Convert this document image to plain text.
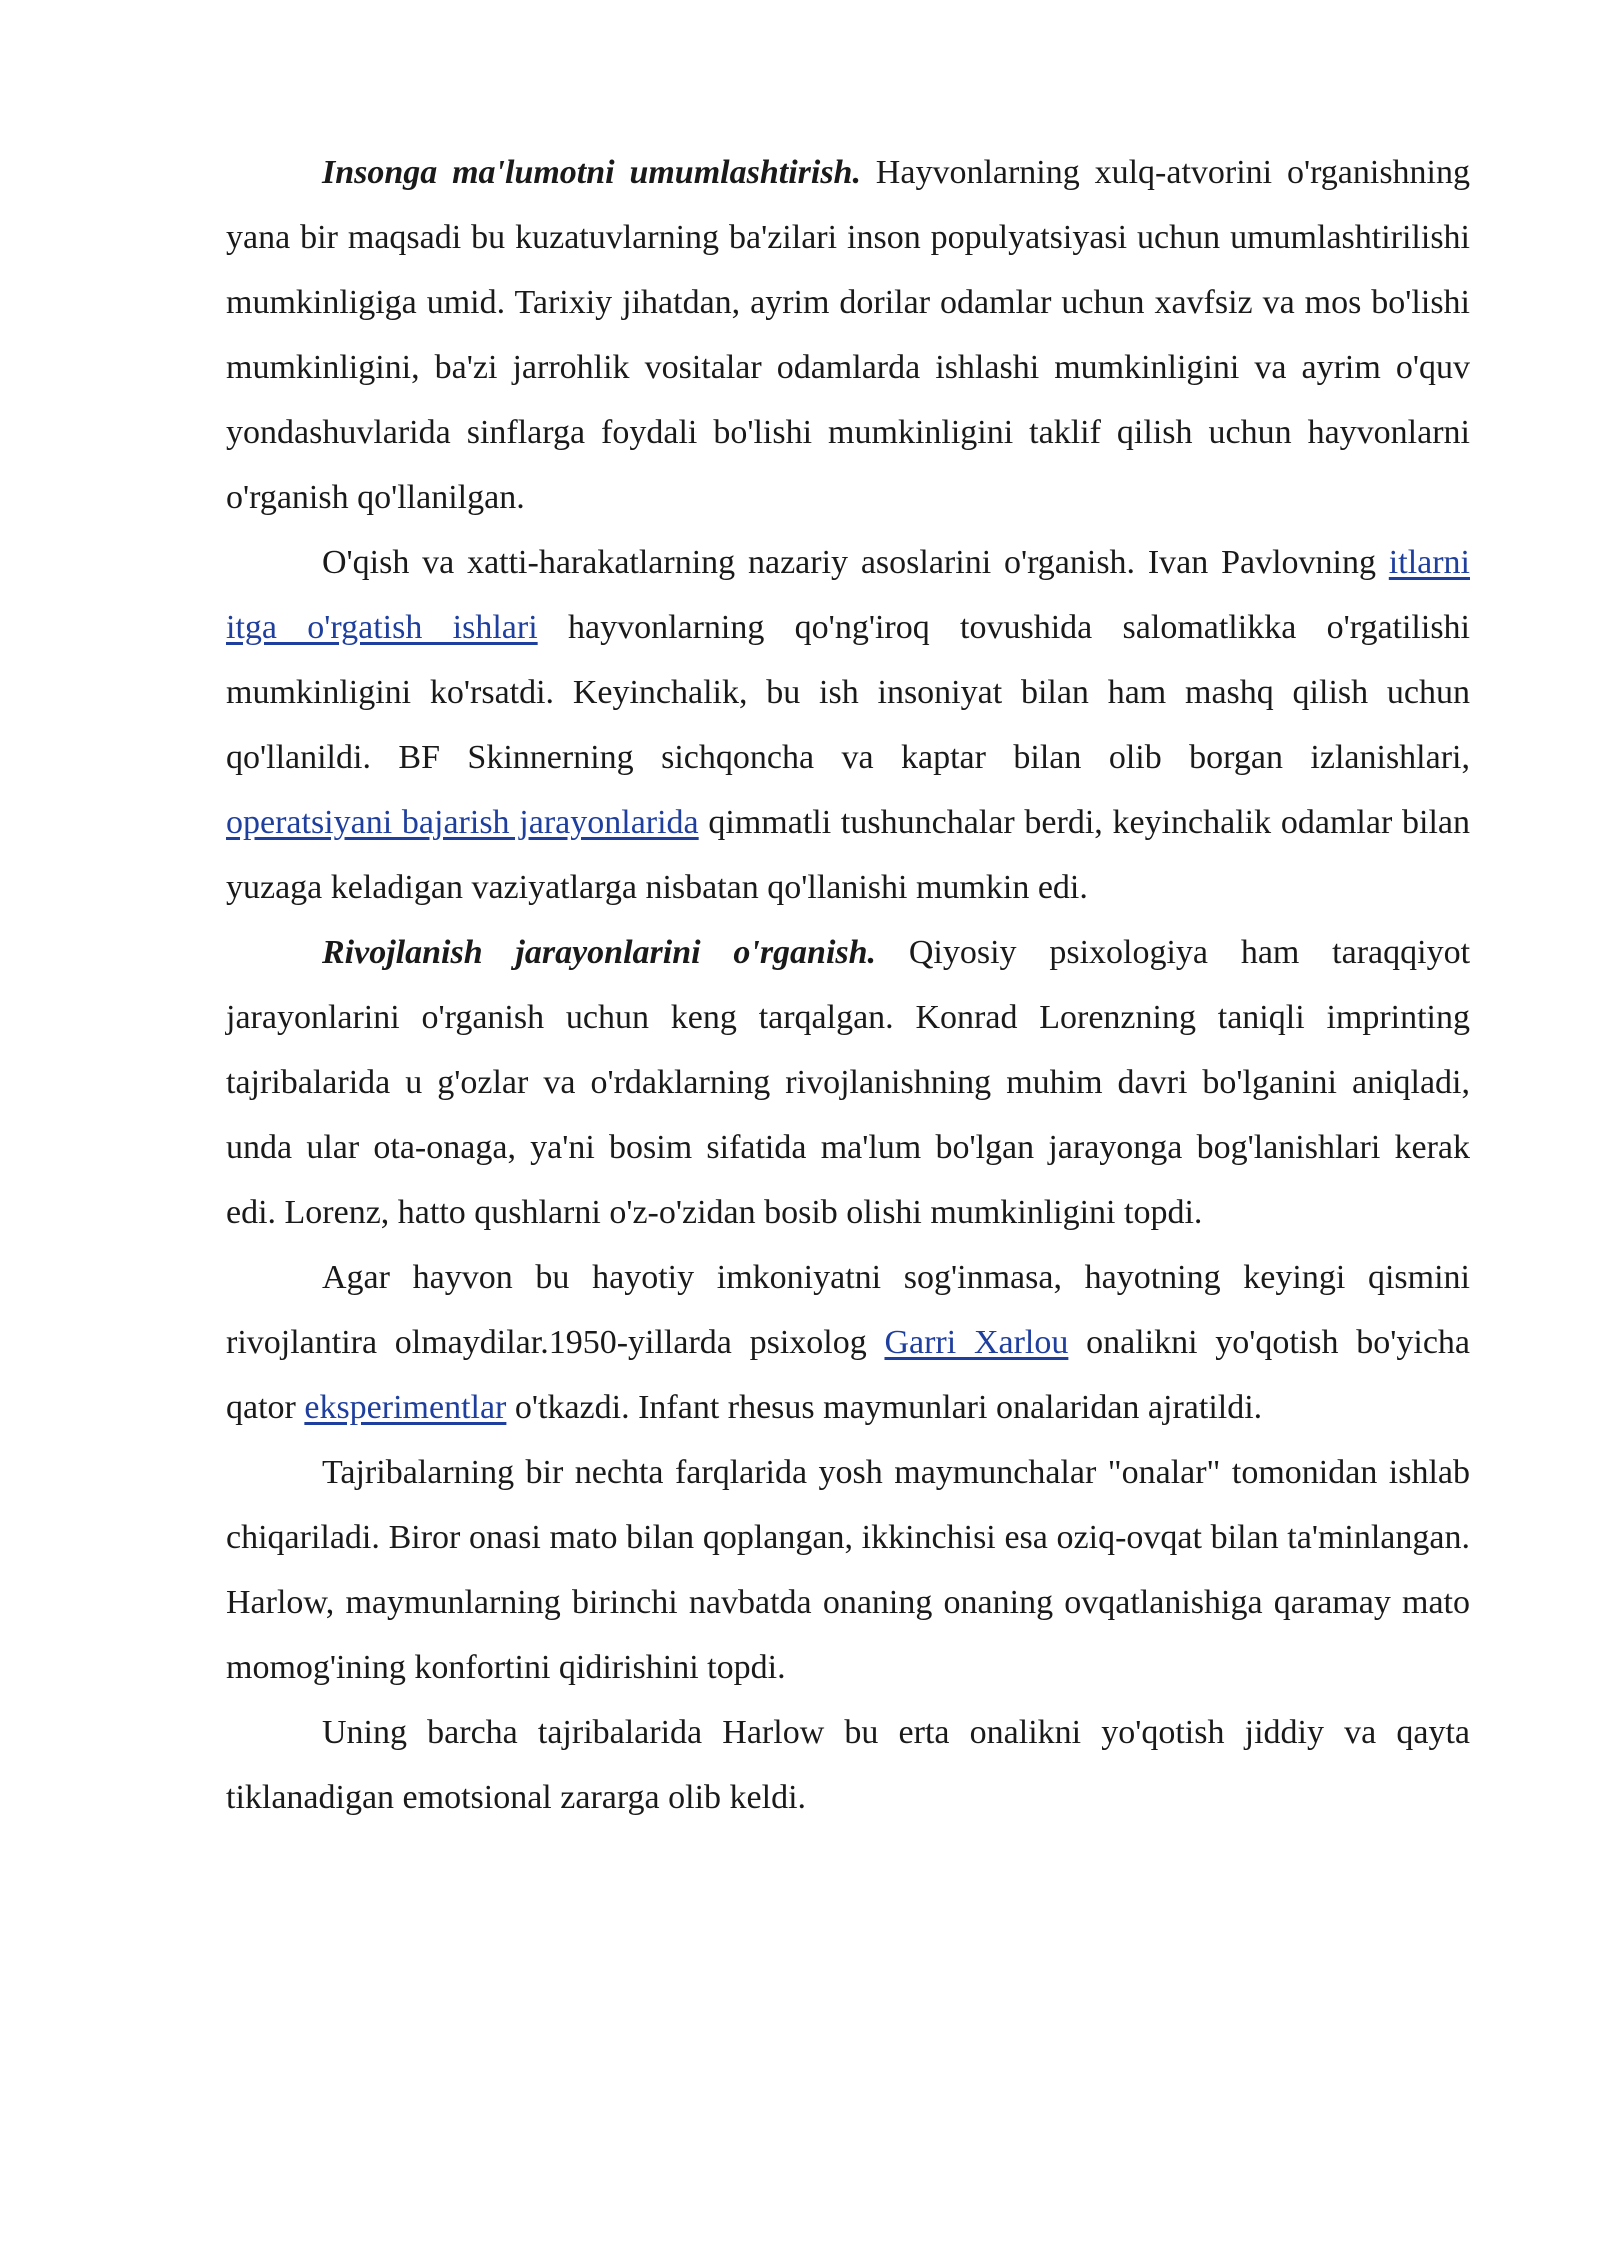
Insonga ma'lumotni umumlashtirish. Hayvonlarning xulq-atvorini o'rganishning yana bir maqsadi bu kuzatuvlarning ba'zilari inson populyatsiyasi uchun umumlashtirilishi mumkinligiga umid. Tarixiy jihatdan, ayrim dorilar odamlar uchun xavfsiz va mos bo'lishi mumkinligini, ba'zi jarrohlik vositalar odamlarda ishlashi mumkinligini va ayrim o'quv yondashuvlarida sinflarga foydali bo'lishi mumkinligini taklif qilish uchun hayvonlarni o'rganish qo'llanilgan.

O'qish va xatti-harakatlarning nazariy asoslarini o'rganish. Ivan Pavlovning itlarni itga o'rgatish ishlari hayvonlarning qo'ng'iroq tovushida salomatlikka o'rgatilishi mumkinligini ko'rsatdi. Keyinchalik, bu ish insoniyat bilan ham mashq qilish uchun qo'llanildi. BF Skinnerning sichqoncha va kaptar bilan olib borgan izlanishlari, operatsiyani bajarish jarayonlarida qimmatli tushunchalar berdi, keyinchalik odamlar bilan yuzaga keladigan vaziyatlarga nisbatan qo'llanishi mumkin edi.

Rivojlanish jarayonlarini o'rganish. Qiyosiy psixologiya ham taraqqiyot jarayonlarini o'rganish uchun keng tarqalgan. Konrad Lorenzning taniqli imprinting tajribalarida u g'ozlar va o'rdaklarning rivojlanishning muhim davri bo'lganini aniqladi, unda ular ota-onaga, ya'ni bosim sifatida ma'lum bo'lgan jarayonga bog'lanishlari kerak edi. Lorenz, hatto qushlarni o'z-o'zidan bosib olishi mumkinligini topdi.

Agar hayvon bu hayotiy imkoniyatni sog'inmasa, hayotning keyingi qismini rivojlantira olmaydilar.1950-yillarda psixolog Garri Xarlou onalikni yo'qotish bo'yicha qator eksperimentlar o'tkazdi. Infant rhesus maymunlari onalaridan ajratildi.

Tajribalarning bir nechta farqlarida yosh maymunchalar "onalar" tomonidan ishlab chiqariladi. Biror onasi mato bilan qoplangan, ikkinchisi esa oziq-ovqat bilan ta'minlangan. Harlow, maymunlarning birinchi navbatda onaning onaning ovqatlanishiga qaramay mato momog'ining konfortini qidirishini topdi.

Uning barcha tajribalarida Harlow bu erta onalikni yo'qotish jiddiy va qayta tiklanadigan emotsional zararga olib keldi.
